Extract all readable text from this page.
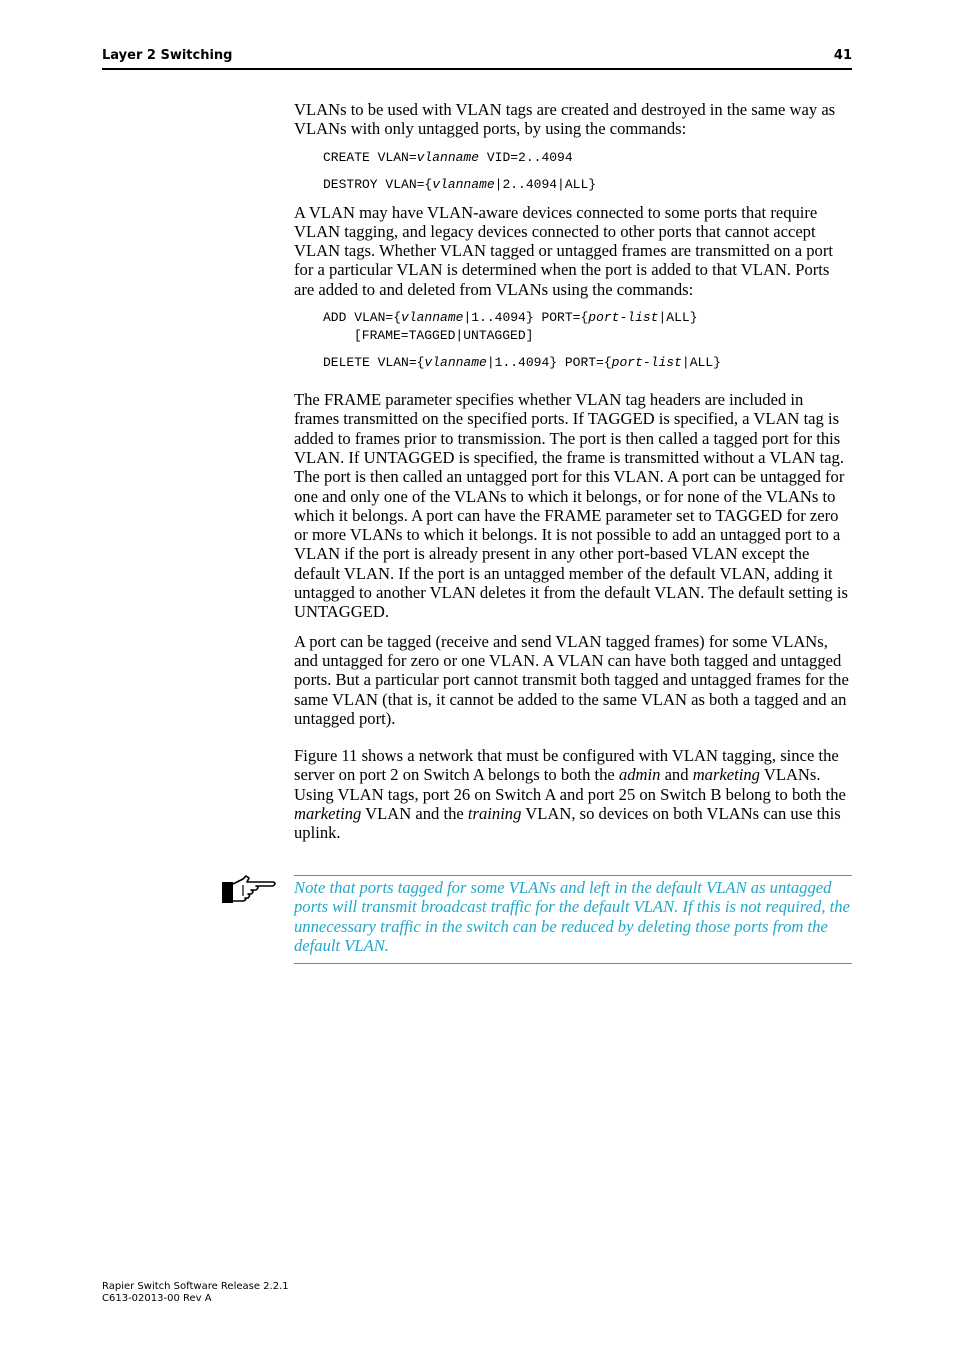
Layer 2 Switching	41

VLANs to be used with VLAN tags are created and destroyed in the same way as VLANs with only untagged ports, by using the commands:

CREATE VLAN=vlanname VID=2..4094
DESTROY VLAN={vlanname|2..4094|ALL}

A VLAN may have VLAN-aware devices connected to some ports that require VLAN tagging, and legacy devices connected to other ports that cannot accept VLAN tags. Whether VLAN tagged or untagged frames are transmitted on a port for a particular VLAN is determined when the port is added to that VLAN. Ports are added to and deleted from VLANs using the commands:

ADD VLAN={vlanname|1..4094} PORT={port-list|ALL}
[FRAME=TAGGED|UNTAGGED]
DELETE VLAN={vlanname|1..4094} PORT={port-list|ALL}

The FRAME parameter specifies whether VLAN tag headers are included in frames transmitted on the specified ports. If TAGGED is specified, a VLAN tag is added to frames prior to transmission. The port is then called a tagged port for this VLAN. If UNTAGGED is specified, the frame is transmitted without a VLAN tag. The port is then called an untagged port for this VLAN. A port can be untagged for one and only one of the VLANs to which it belongs, or for none of the VLANs to which it belongs. A port can have the FRAME parameter set to TAGGED for zero or more VLANs to which it belongs. It is not possible to add an untagged port to a VLAN if the port is already present in any other port-based VLAN except the default VLAN. If the port is an untagged member of the default VLAN, adding it untagged to another VLAN deletes it from the default VLAN. The default setting is UNTAGGED.

A port can be tagged (receive and send VLAN tagged frames) for some VLANs, and untagged for zero or one VLAN. A VLAN can have both tagged and untagged ports. But a particular port cannot transmit both tagged and untagged frames for the same VLAN (that is, it cannot be added to the same VLAN as both a tagged and an untagged port).

Figure 11 shows a network that must be configured with VLAN tagging, since the server on port 2 on Switch A belongs to both the admin and marketing VLANs. Using VLAN tags, port 26 on Switch A and port 25 on Switch B belong to both the marketing VLAN and the training VLAN, so devices on both VLANs can use this uplink.

Note that ports tagged for some VLANs and left in the default VLAN as untagged ports will transmit broadcast traffic for the default VLAN. If this is not required, the unnecessary traffic in the switch can be reduced by deleting those ports from the default VLAN.

Rapier Switch Software Release 2.2.1
C613-02013-00 Rev A
